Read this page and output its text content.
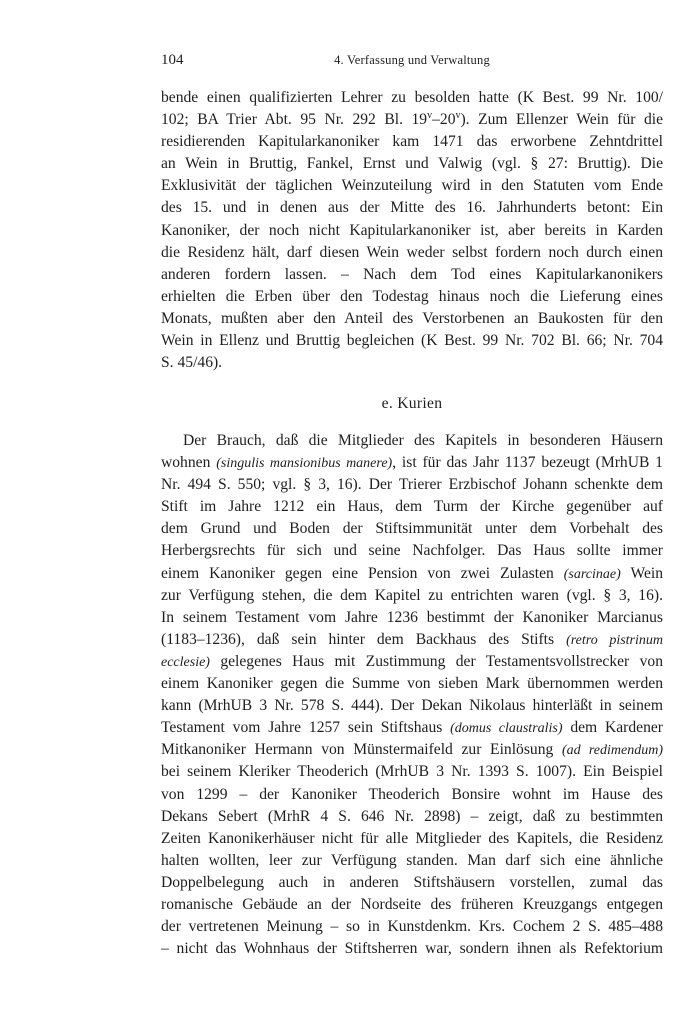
104	4. Verfassung und Verwaltung
bende einen qualifizierten Lehrer zu besolden hatte (K Best. 99 Nr. 100/
102; BA Trier Abt. 95 Nr. 292 Bl. 19$^v$–20$^v$). Zum Ellenzer Wein für die
residierenden Kapitularkanoniker kam 1471 das erworbene Zehntdrittel
an Wein in Bruttig, Fankel, Ernst und Valwig (vgl. § 27: Bruttig). Die
Exklusivität der täglichen Weinzuteilung wird in den Statuten vom Ende
des 15. und in denen aus der Mitte des 16. Jahrhunderts betont: Ein
Kanoniker, der noch nicht Kapitularkanoniker ist, aber bereits in Karden
die Residenz hält, darf diesen Wein weder selbst fordern noch durch einen
anderen fordern lassen. – Nach dem Tod eines Kapitularkanonikers
erhielten die Erben über den Todestag hinaus noch die Lieferung eines
Monats, mußten aber den Anteil des Verstorbenen an Baukosten für den
Wein in Ellenz und Bruttig begleichen (K Best. 99 Nr. 702 Bl. 66; Nr. 704
S. 45/46).
e. Kurien
Der Brauch, daß die Mitglieder des Kapitels in besonderen Häusern
wohnen (singulis mansionibus manere), ist für das Jahr 1137 bezeugt (MrhUB 1
Nr. 494 S. 550; vgl. § 3, 16). Der Trierer Erzbischof Johann schenkte dem
Stift im Jahre 1212 ein Haus, dem Turm der Kirche gegenüber auf
dem Grund und Boden der Stiftsimmunität unter dem Vorbehalt des
Herbergsrechts für sich und seine Nachfolger. Das Haus sollte immer
einem Kanoniker gegen eine Pension von zwei Zulasten (sarcinae) Wein
zur Verfügung stehen, die dem Kapitel zu entrichten waren (vgl. § 3, 16).
In seinem Testament vom Jahre 1236 bestimmt der Kanoniker Marcianus
(1183–1236), daß sein hinter dem Backhaus des Stifts (retro pistrinum
ecclesie) gelegenes Haus mit Zustimmung der Testamentsvollstrecker von
einem Kanoniker gegen die Summe von sieben Mark übernommen werden
kann (MrhUB 3 Nr. 578 S. 444). Der Dekan Nikolaus hinterläßt in seinem
Testament vom Jahre 1257 sein Stiftshaus (domus claustralis) dem Kardener
Mitkanoniker Hermann von Münstermaifeld zur Einlösung (ad redimendum)
bei seinem Kleriker Theoderich (MrhUB 3 Nr. 1393 S. 1007). Ein Beispiel
von 1299 – der Kanoniker Theoderich Bonsire wohnt im Hause des
Dekans Sebert (MrhR 4 S. 646 Nr. 2898) – zeigt, daß zu bestimmten
Zeiten Kanonikerhäuser nicht für alle Mitglieder des Kapitels, die Residenz
halten wollten, leer zur Verfügung standen. Man darf sich eine ähnliche
Doppelbelegung auch in anderen Stiftshäusern vorstellen, zumal das
romanische Gebäude an der Nordseite des früheren Kreuzgangs entgegen
der vertretenen Meinung – so in Kunstdenkm. Krs. Cochem 2 S. 485–488
– nicht das Wohnhaus der Stiftsherren war, sondern ihnen als Refektorium
